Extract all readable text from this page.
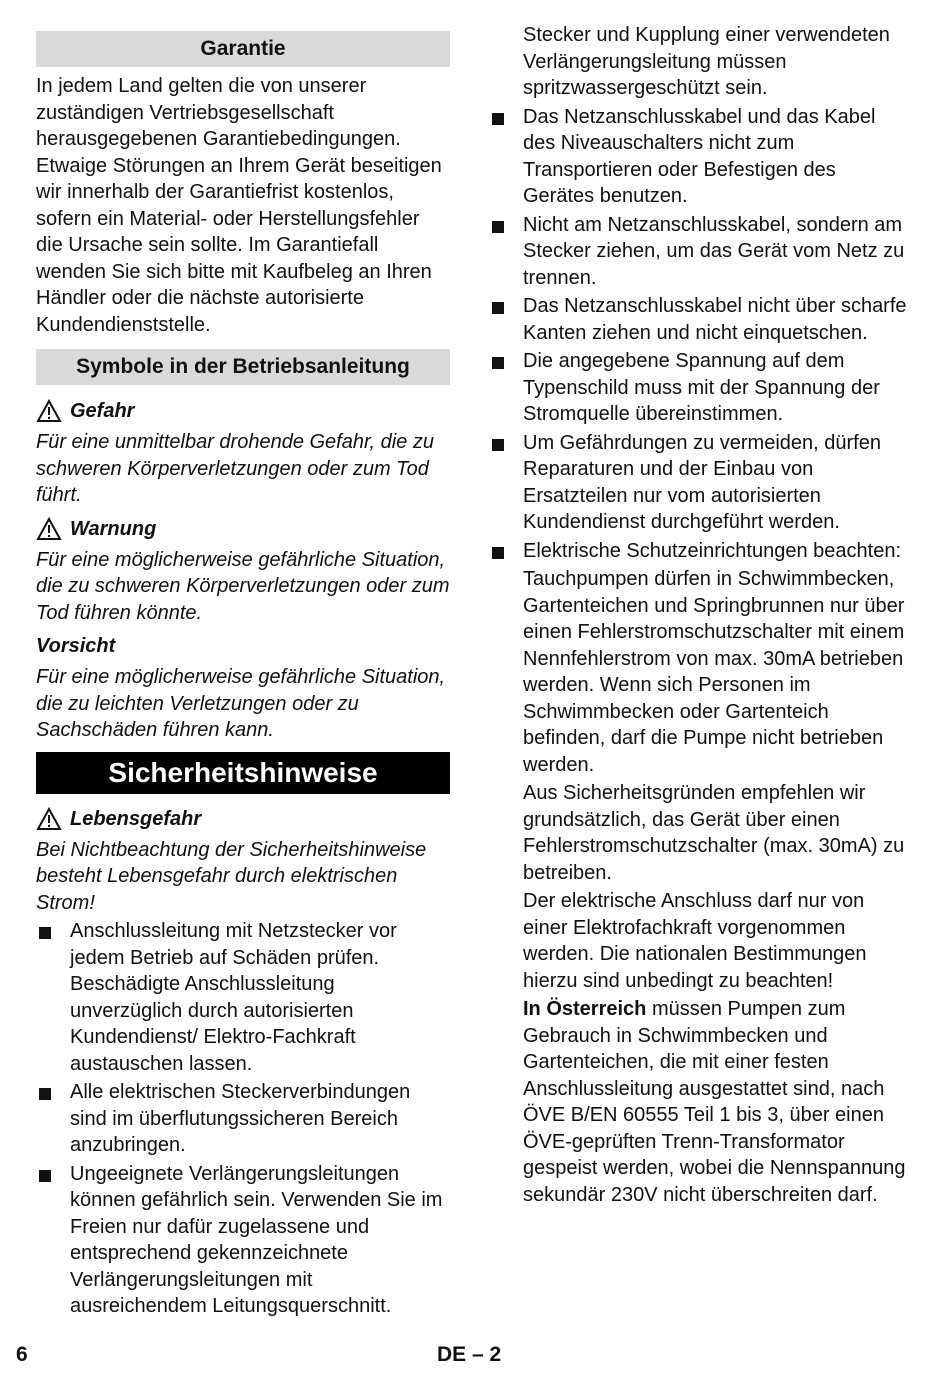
Garantie

In jedem Land gelten die von unserer zuständigen Vertriebsgesellschaft herausgegebenen Garantiebedingungen. Etwaige Störungen an Ihrem Gerät beseitigen wir innerhalb der Garantiefrist kostenlos, sofern ein Material- oder Herstellungsfehler die Ursache sein sollte. Im Garantiefall wenden Sie sich bitte mit Kaufbeleg an Ihren Händler oder die nächste autorisierte Kundendienststelle.

Symbole in der Betriebsanleitung
Gefahr

Für eine unmittelbar drohende Gefahr, die zu schweren Körperverletzungen oder zum Tod führt.

Warnung

Für eine möglicherweise gefährliche Situation, die zu schweren Körperverletzungen oder zum Tod führen könnte.

Vorsicht

Für eine möglicherweise gefährliche Situation, die zu leichten Verletzungen oder zu Sachschäden führen kann.

Sicherheitshinweise
Lebensgefahr

Bei Nichtbeachtung der Sicherheitshinweise besteht Lebensgefahr durch elektrischen Strom!

Anschlussleitung mit Netzstecker vor jedem Betrieb auf Schäden prüfen. Beschädigte Anschlussleitung unverzüglich durch autorisierten Kundendienst/ Elektro-Fachkraft austauschen lassen.
Alle elektrischen Steckerverbindungen sind im überflutungssicheren Bereich anzubringen.
Ungeeignete Verlängerungsleitungen können gefährlich sein. Verwenden Sie im Freien nur dafür zugelassene und entsprechend gekennzeichnete Verlängerungsleitungen mit ausreichendem Leitungsquerschnitt.

Stecker und Kupplung einer verwendeten Verlängerungsleitung müssen spritzwassergeschützt sein.

Das Netzanschlusskabel und das Kabel des Niveauschalters nicht zum Transportieren oder Befestigen des Gerätes benutzen.
Nicht am Netzanschlusskabel, sondern am Stecker ziehen, um das Gerät vom Netz zu trennen.
Das Netzanschlusskabel nicht über scharfe Kanten ziehen und nicht einquetschen.
Die angegebene Spannung auf dem Typenschild muss mit der Spannung der Stromquelle übereinstimmen.
Um Gefährdungen zu vermeiden, dürfen Reparaturen und der Einbau von Ersatzteilen nur vom autorisierten Kundendienst durchgeführt werden.
Elektrische Schutzeinrichtungen beachten:

Tauchpumpen dürfen in Schwimmbecken, Gartenteichen und Springbrunnen nur über einen Fehlerstromschutzschalter mit einem Nennfehlerstrom von max. 30mA betrieben werden. Wenn sich Personen im Schwimmbecken oder Gartenteich befinden, darf die Pumpe nicht betrieben werden.

Aus Sicherheitsgründen empfehlen wir grundsätzlich, das Gerät über einen Fehlerstromschutzschalter (max. 30mA) zu betreiben.

Der elektrische Anschluss darf nur von einer Elektrofachkraft vorgenommen werden. Die nationalen Bestimmungen hierzu sind unbedingt zu beachten!

In Österreich müssen Pumpen zum Gebrauch in Schwimmbecken und Gartenteichen, die mit einer festen Anschlussleitung ausgestattet sind, nach ÖVE B/EN 60555 Teil 1 bis 3, über einen ÖVE-geprüften Trenn-Transformator gespeist werden, wobei die Nennspannung sekundär 230V nicht überschreiten darf.

6	DE – 2
